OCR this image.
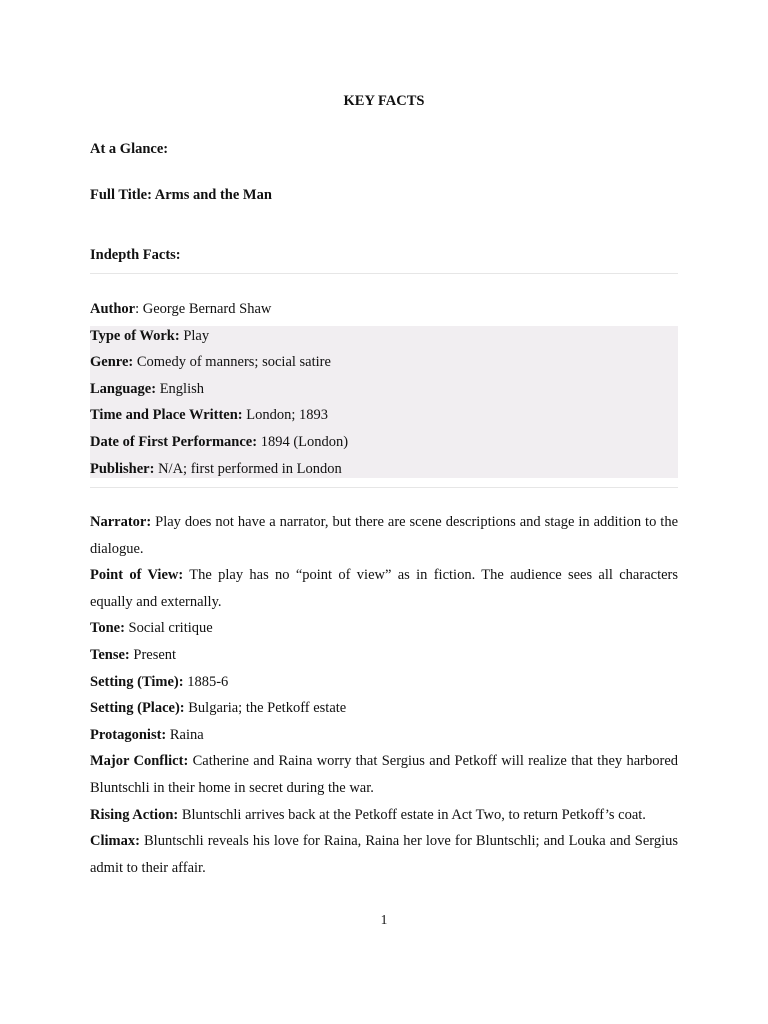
KEY FACTS
At a Glance:
Full Title: Arms and the Man
Indepth Facts:
Author: George Bernard Shaw
Type of Work: Play
Genre: Comedy of manners; social satire
Language: English
Time and Place Written: London; 1893
Date of First Performance: 1894 (London)
Publisher: N/A; first performed in London

Narrator: Play does not have a narrator, but there are scene descriptions and stage in addition to the dialogue.

Point of View: The play has no “point of view” as in fiction. The audience sees all characters equally and externally.

Tone: Social critique

Tense: Present

Setting (Time): 1885-6

Setting (Place): Bulgaria; the Petkoff estate

Protagonist: Raina

Major Conflict: Catherine and Raina worry that Sergius and Petkoff will realize that they harbored Bluntschli in their home in secret during the war.

Rising Action: Bluntschli arrives back at the Petkoff estate in Act Two, to return Petkoff’s coat.

Climax: Bluntschli reveals his love for Raina, Raina her love for Bluntschli; and Louka and Sergius admit to their affair.

1
